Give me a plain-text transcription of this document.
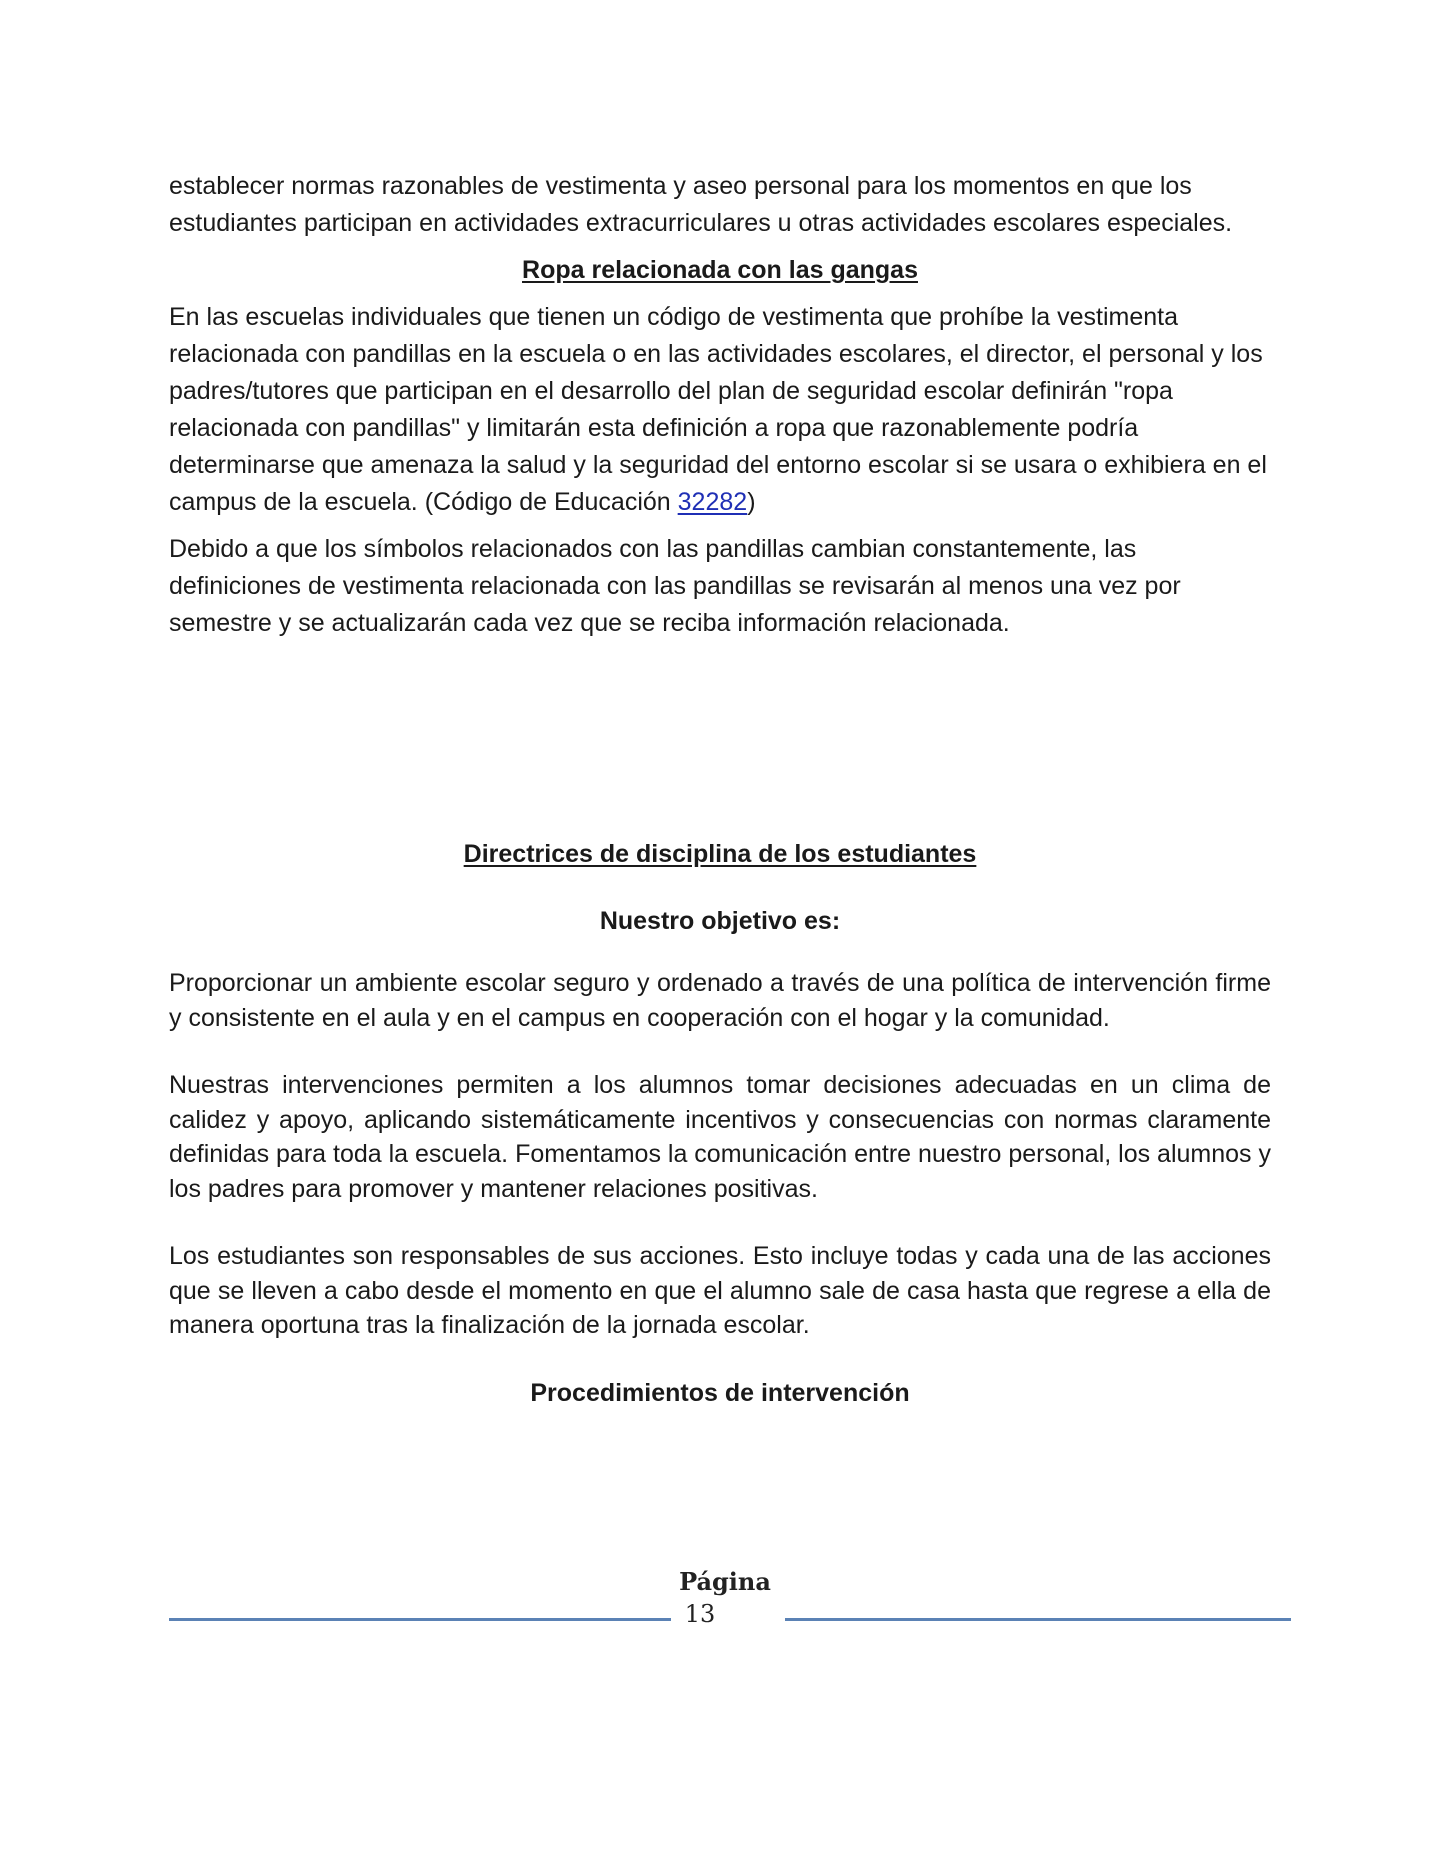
establecer normas razonables de vestimenta y aseo personal para los momentos en que los estudiantes participan en actividades extracurriculares u otras actividades escolares especiales.

Ropa relacionada con las gangas

En las escuelas individuales que tienen un código de vestimenta que prohíbe la vestimenta relacionada con pandillas en la escuela o en las actividades escolares, el director, el personal y los padres/tutores que participan en el desarrollo del plan de seguridad escolar definirán "ropa relacionada con pandillas" y limitarán esta definición a ropa que razonablemente podría determinarse que amenaza la salud y la seguridad del entorno escolar si se usara o exhibiera en el campus de la escuela. (Código de Educación 32282)

Debido a que los símbolos relacionados con las pandillas cambian constantemente, las definiciones de vestimenta relacionada con las pandillas se revisarán al menos una vez por semestre y se actualizarán cada vez que se reciba información relacionada.

Directrices de disciplina de los estudiantes

Nuestro objetivo es:

Proporcionar un ambiente escolar seguro y ordenado a través de una política de intervención firme y consistente en el aula y en el campus en cooperación con el hogar y la comunidad.

Nuestras intervenciones permiten a los alumnos tomar decisiones adecuadas en un clima de calidez y apoyo, aplicando sistemáticamente incentivos y consecuencias con normas claramente definidas para toda la escuela. Fomentamos la comunicación entre nuestro personal, los alumnos y los padres para promover y mantener relaciones positivas.

Los estudiantes son responsables de sus acciones. Esto incluye todas y cada una de las acciones que se lleven a cabo desde el momento en que el alumno sale de casa hasta que regrese a ella de manera oportuna tras la finalización de la jornada escolar.

Procedimientos de intervención

Página
13
